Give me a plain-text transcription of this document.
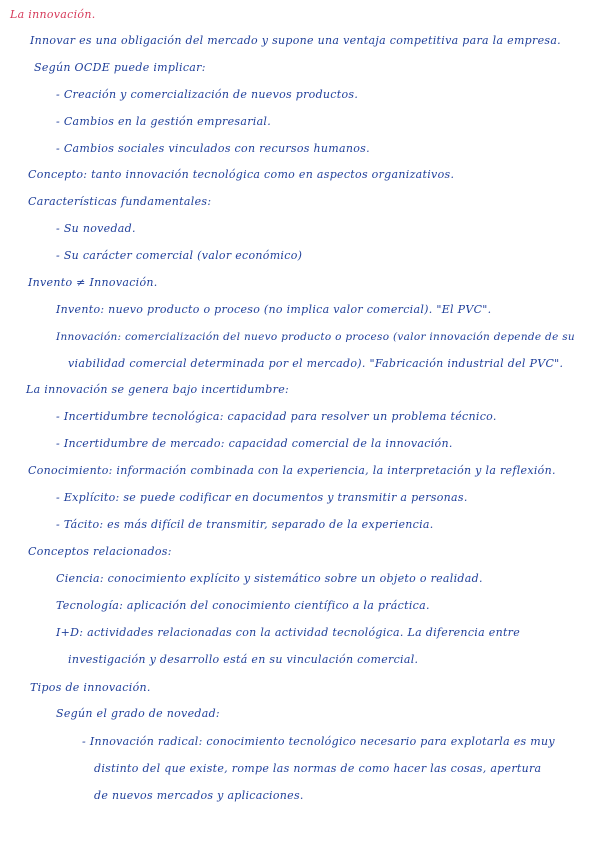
La innovación.
Innovar es una obligación del mercado y supone una ventaja competitiva para la empresa.
Según OCDE puede implicar:
- Creación y comercialización de nuevos productos.
- Cambios en la gestión empresarial.
- Cambios sociales vinculados con recursos humanos.
Concepto: tanto innovación tecnológica como en aspectos organizativos.
Características fundamentales:
- Su novedad.
- Su carácter comercial (valor económico)
Invento ≠ Innovación.
Invento: nuevo producto o proceso (no implica valor comercial). "El PVC".
Innovación: comercialización del nuevo producto o proceso (valor innovación depende de su
viabilidad comercial determinada por el mercado). "Fabricación industrial del PVC".
La innovación se genera bajo incertidumbre:
- Incertidumbre tecnológica: capacidad para resolver un problema técnico.
- Incertidumbre de mercado: capacidad comercial de la innovación.
Conocimiento: información combinada con la experiencia, la interpretación y la reflexión.
- Explícito: se puede codificar en documentos y transmitir a personas.
- Tácito: es más difícil de transmitir, separado de la experiencia.
Conceptos relacionados:
Ciencia: conocimiento explícito y sistemático sobre un objeto o realidad.
Tecnología: aplicación del conocimiento científico a la práctica.
I+D: actividades relacionadas con la actividad tecnológica. La diferencia entre
investigación y desarrollo está en su vinculación comercial.
Tipos de innovación.
Según el grado de novedad:
- Innovación radical: conocimiento tecnológico necesario para explotarla es muy
distinto del que existe, rompe las normas de como hacer las cosas, apertura
de nuevos mercados y aplicaciones.
